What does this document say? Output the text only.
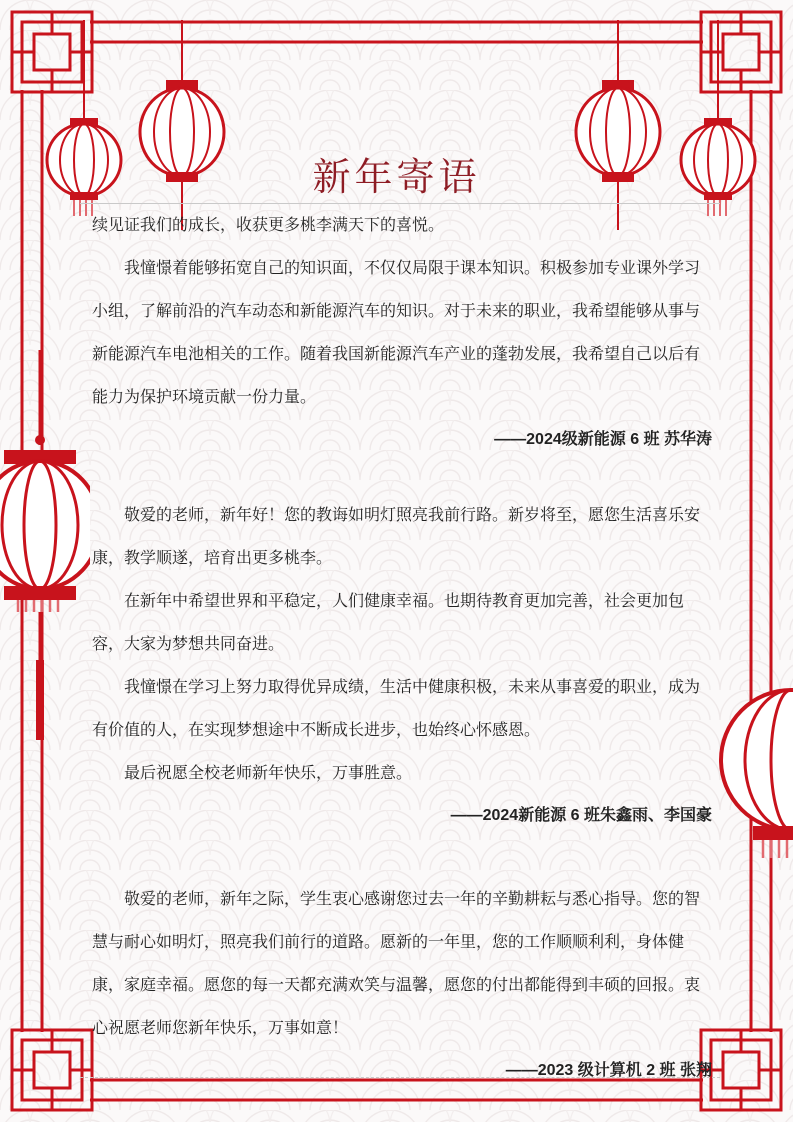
新年寄语

续见证我们的成长，收获更多桃李满天下的喜悦。

我憧憬着能够拓宽自己的知识面，不仅仅局限于课本知识。积极参加专业课外学习小组，了解前沿的汽车动态和新能源汽车的知识。对于未来的职业，我希望能够从事与新能源汽车电池相关的工作。随着我国新能源汽车产业的蓬勃发展，我希望自己以后有能力为保护环境贡献一份力量。

——2024级新能源 6 班 苏华涛

敬爱的老师，新年好！您的教诲如明灯照亮我前行路。新岁将至，愿您生活喜乐安康，教学顺遂，培育出更多桃李。

在新年中希望世界和平稳定，人们健康幸福。也期待教育更加完善，社会更加包容，大家为梦想共同奋进。

我憧憬在学习上努力取得优异成绩，生活中健康积极，未来从事喜爱的职业，成为有价值的人，在实现梦想途中不断成长进步，也始终心怀感恩。

最后祝愿全校老师新年快乐，万事胜意。

——2024新能源 6 班朱鑫雨、李国豪

敬爱的老师，新年之际，学生衷心感谢您过去一年的辛勤耕耘与悉心指导。您的智慧与耐心如明灯，照亮我们前行的道路。愿新的一年里，您的工作顺顺利利，身体健康，家庭幸福。愿您的每一天都充满欢笑与温馨，愿您的付出都能得到丰硕的回报。衷心祝愿老师您新年快乐，万事如意！

——2023 级计算机 2 班 张翔
